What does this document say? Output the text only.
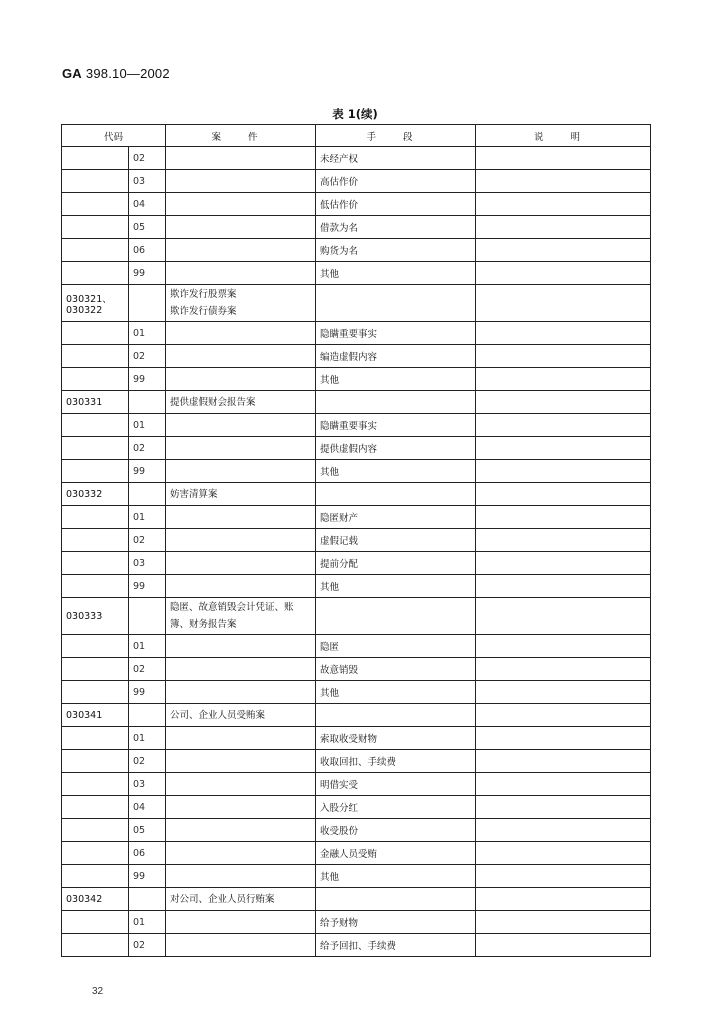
GA 398.10—2002
表 1(续)
代码		案 件	手 段	说 明
	02		未经产权	
	03		高估作价	
	04		低估作价	
	05		借款为名	
	06		购货为名	
	99		其他	
030321、
030322		欺诈发行股票案
欺诈发行债券案		
	01		隐瞒重要事实	
	02		编造虚假内容	
	99		其他	
030331		提供虚假财会报告案		
	01		隐瞒重要事实	
	02		提供虚假内容	
	99		其他	
030332		妨害清算案		
	01		隐匿财产	
	02		虚假记载	
	03		提前分配	
	99		其他	
030333		隐匿、故意销毁会计凭证、账簿、财务报告案		
	01		隐匿	
	02		故意销毁	
	99		其他	
030341		公司、企业人员受贿案		
	01		索取收受财物	
	02		收取回扣、手续费	
	03		明借实受	
	04		入股分红	
	05		收受股份	
	06		金融人员受贿	
	99		其他	
030342		对公司、企业人员行贿案		
	01		给予财物	
	02		给予回扣、手续费	
32
